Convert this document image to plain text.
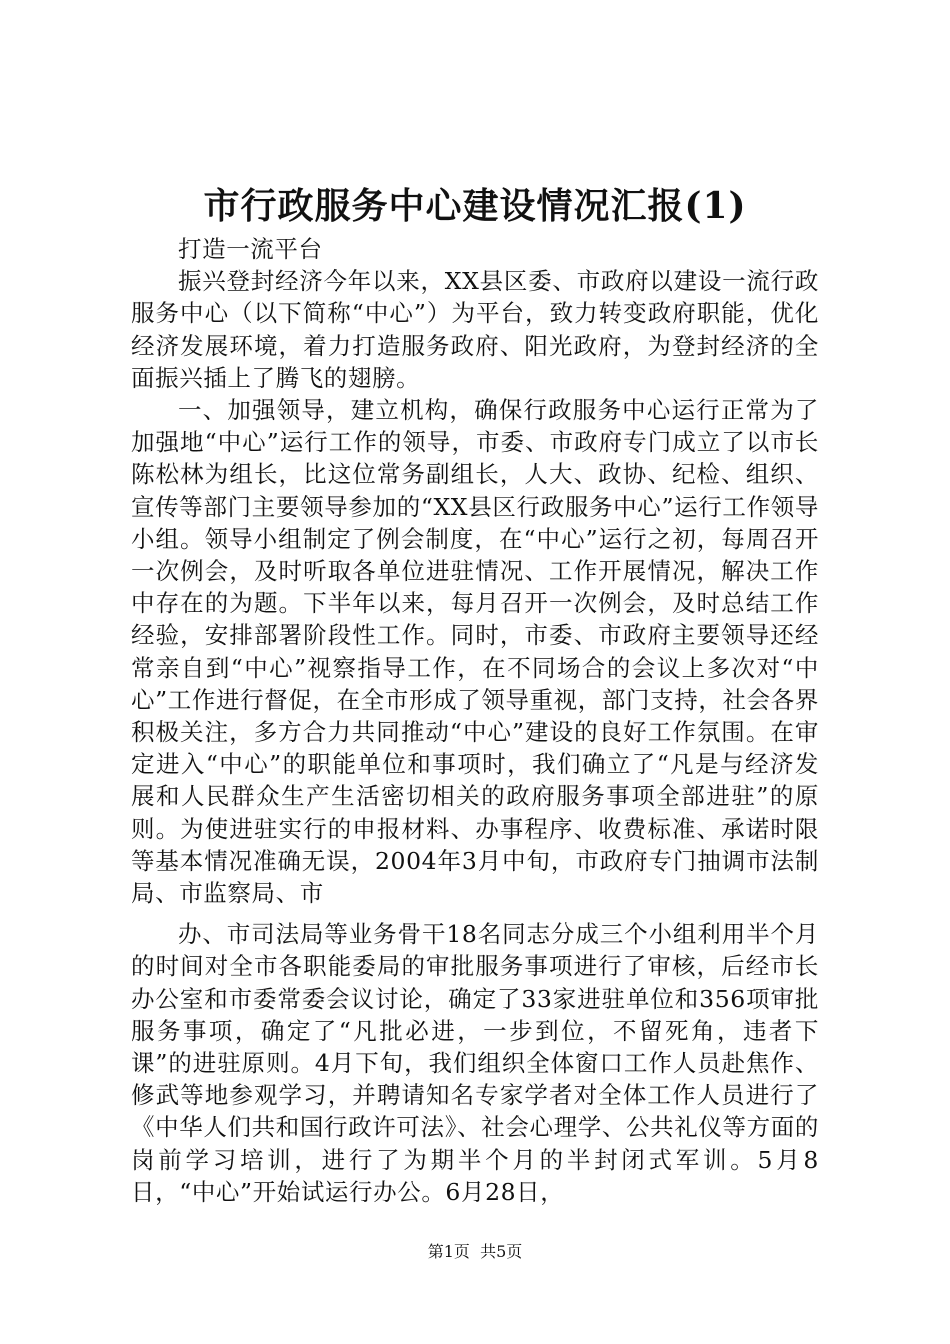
市行政服务中心建设情况汇报(1)

打造一流平台

振兴登封经济今年以来，XX县区委、市政府以建设一流行政服务中心（以下简称“中心”）为平台，致力转变政府职能，优化经济发展环境，着力打造服务政府、阳光政府，为登封经济的全面振兴插上了腾飞的翅膀。

一、加强领导，建立机构，确保行政服务中心运行正常为了加强地“中心”运行工作的领导，市委、市政府专门成立了以市长陈松林为组长，比这位常务副组长，人大、政协、纪检、组织、宣传等部门主要领导参加的“XX县区行政服务中心”运行工作领导小组。领导小组制定了例会制度，在“中心”运行之初，每周召开一次例会，及时听取各单位进驻情况、工作开展情况，解决工作中存在的为题。下半年以来，每月召开一次例会，及时总结工作经验，安排部署阶段性工作。同时，市委、市政府主要领导还经常亲自到“中心”视察指导工作，在不同场合的会议上多次对“中心”工作进行督促，在全市形成了领导重视，部门支持，社会各界积极关注，多方合力共同推动“中心”建设的良好工作氛围。在审定进入“中心”的职能单位和事项时，我们确立了“凡是与经济发展和人民群众生产生活密切相关的政府服务事项全部进驻”的原则。为使进驻实行的申报材料、办事程序、收费标准、承诺时限等基本情况准确无误，2004年3月中旬，市政府专门抽调市法制局、市监察局、市

办、市司法局等业务骨干18名同志分成三个小组利用半个月的时间对全市各职能委局的审批服务事项进行了审核，后经市长办公室和市委常委会议讨论，确定了33家进驻单位和356项审批服务事项，确定了“凡批必进，一步到位，不留死角，违者下课”的进驻原则。4月下旬，我们组织全体窗口工作人员赴焦作、修武等地参观学习，并聘请知名专家学者对全体工作人员进行了《中华人们共和国行政许可法》、社会心理学、公共礼仪等方面的岗前学习培训，进行了为期半个月的半封闭式军训。5月8日，“中心”开始试运行办公。6月28日，

第1页 共5页
